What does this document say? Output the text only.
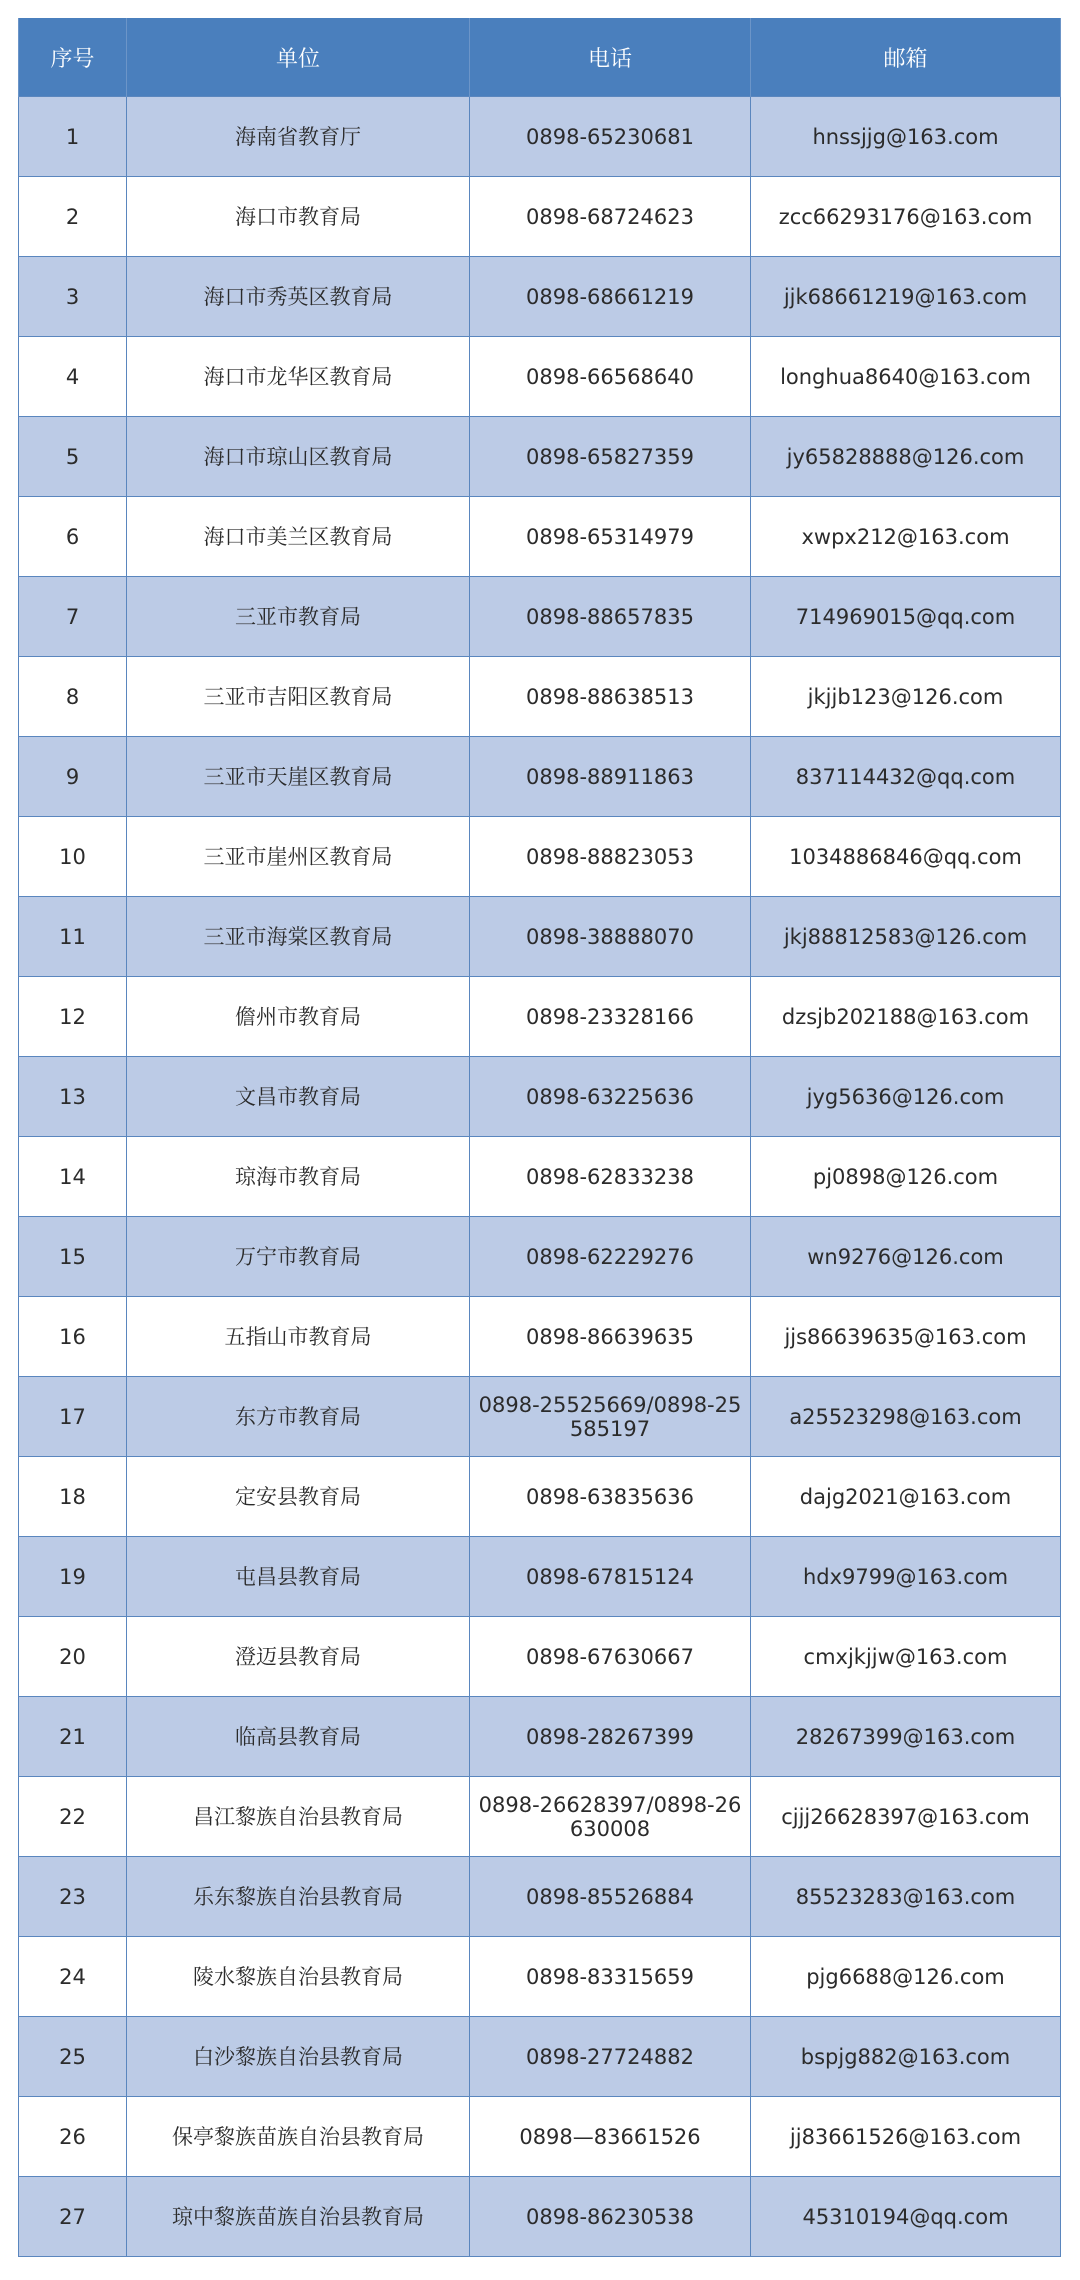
序号	单位	电话	邮箱
1	海南省教育厅	0898-65230681	hnssjjg@163.com
2	海口市教育局	0898-68724623	zcc66293176@163.com
3	海口市秀英区教育局	0898-68661219	jjk68661219@163.com
4	海口市龙华区教育局	0898-66568640	longhua8640@163.com
5	海口市琼山区教育局	0898-65827359	jy65828888@126.com
6	海口市美兰区教育局	0898-65314979	xwpx212@163.com
7	三亚市教育局	0898-88657835	714969015@qq.com
8	三亚市吉阳区教育局	0898-88638513	jkjjb123@126.com
9	三亚市天崖区教育局	0898-88911863	837114432@qq.com
10	三亚市崖州区教育局	0898-88823053	1034886846@qq.com
11	三亚市海棠区教育局	0898-38888070	jkj88812583@126.com
12	儋州市教育局	0898-23328166	dzsjb202188@163.com
13	文昌市教育局	0898-63225636	jyg5636@126.com
14	琼海市教育局	0898-62833238	pj0898@126.com
15	万宁市教育局	0898-62229276	wn9276@126.com
16	五指山市教育局	0898-86639635	jjs86639635@163.com
17	东方市教育局	0898-25525669/0898-25585197	a25523298@163.com
18	定安县教育局	0898-63835636	dajg2021@163.com
19	屯昌县教育局	0898-67815124	hdx9799@163.com
20	澄迈县教育局	0898-67630667	cmxjkjjw@163.com
21	临高县教育局	0898-28267399	28267399@163.com
22	昌江黎族自治县教育局	0898-26628397/0898-26630008	cjjj26628397@163.com
23	乐东黎族自治县教育局	0898-85526884	85523283@163.com
24	陵水黎族自治县教育局	0898-83315659	pjg6688@126.com
25	白沙黎族自治县教育局	0898-27724882	bspjg882@163.com
26	保亭黎族苗族自治县教育局	0898—83661526	jj83661526@163.com
27	琼中黎族苗族自治县教育局	0898-86230538	45310194@qq.com
